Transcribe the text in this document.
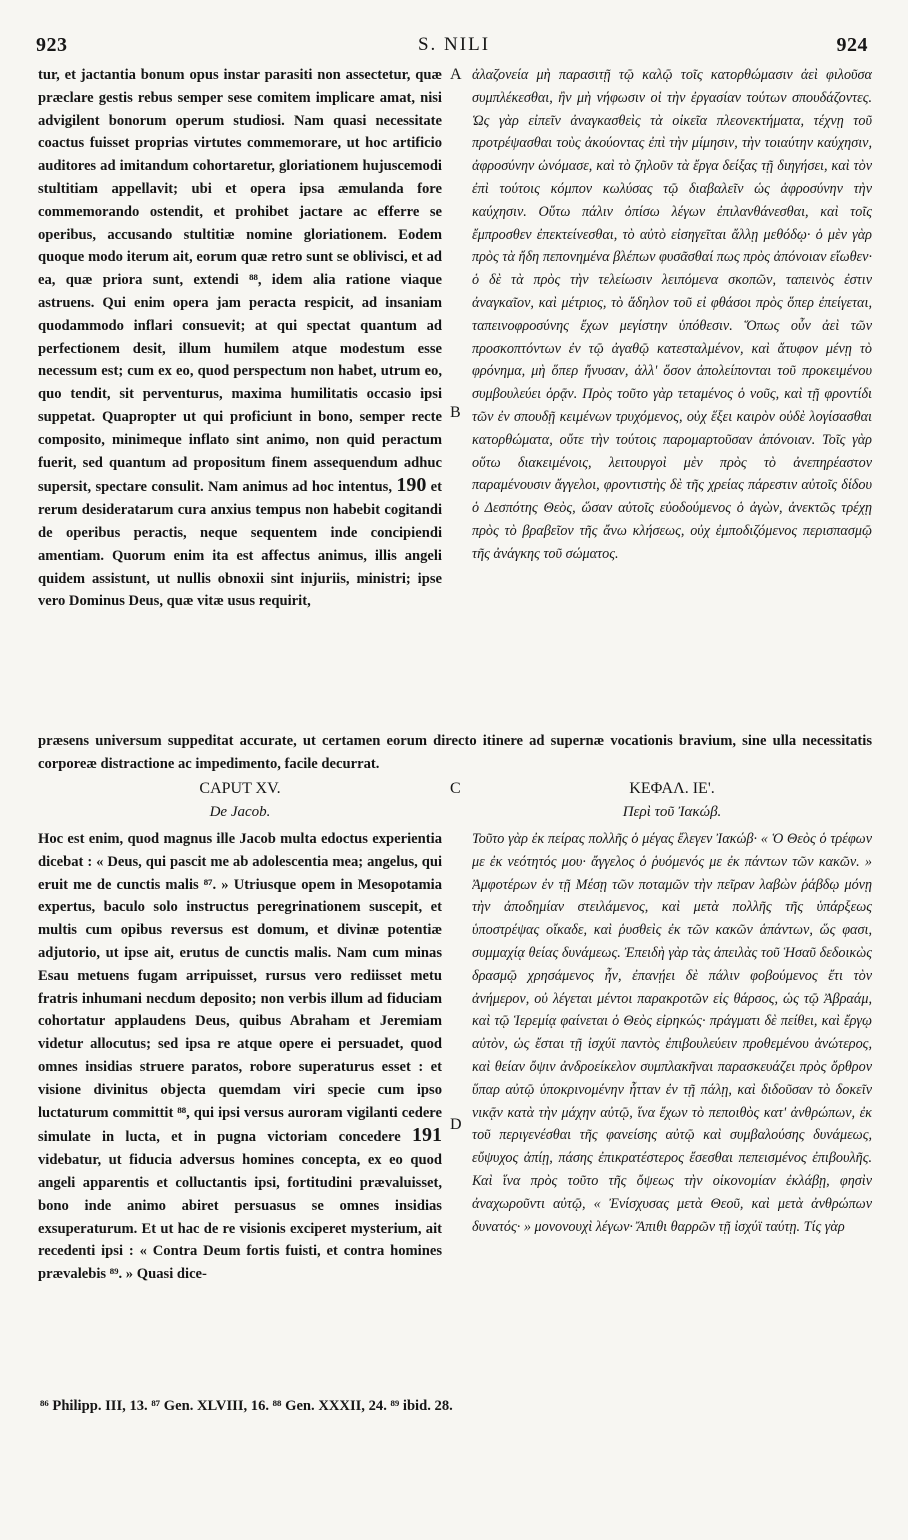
923	S. NILI	924
A
B
C
D

tur, et jactantia bonum opus instar parasiti non assectetur, quæ præclare gestis rebus semper sese comitem implicare amat, nisi advigilent bonorum operum studiosi. Nam quasi necessitate coactus fuisset proprias virtutes commemorare, ut hoc artificio auditores ad imitandum cohortaretur, gloriationem hujuscemodi stultitiam appellavit; ubi et opera ipsa æmulanda fore commemorando ostendit, et prohibet jactare ac efferre se operibus, accusando stultitiæ nomine gloriationem. Eodem quoque modo iterum ait, eorum quæ retro sunt se oblivisci, et ad ea, quæ priora sunt, extendi ⁸⁸, idem alia ratione viaque astruens. Qui enim opera jam peracta respicit, ad insaniam quodammodo inflari consuevit; at qui spectat quantum ad perfectionem desit, illum humilem atque modestum esse necessum est; cum ex eo, quod perspectum non habet, utrum eo, quo tendit, sit perventurus, maxima humilitatis occasio ipsi suppetat. Quapropter ut qui proficiunt in bono, semper recte composito, minimeque inflato sint animo, non quid peractum fuerit, sed quantum ad propositum finem assequendum adhuc supersit, spectare consulit. Nam animus ad hoc intentus, 190 et rerum desideratarum cura anxius tempus non habebit cogitandi de operibus peractis, neque sequentem inde concipiendi amentiam. Quorum enim ita est affectus animus, illis angeli quidem assistunt, ut nullis obnoxii sint injuriis, ministri; ipse vero Dominus Deus, quæ vitæ usus requirit,

ἀλαζονεία μὴ παρασιτῇ τῷ καλῷ τοῖς κατορθώμασιν ἀεὶ φιλοῦσα συμπλέκεσθαι, ἢν μὴ νήφωσιν οἱ τὴν ἐργασίαν τούτων σπουδάζοντες. Ὡς γὰρ εἰπεῖν ἀναγκασθεὶς τὰ οἰκεῖα πλεονεκτήματα, τέχνῃ τοῦ προτρέψασθαι τοὺς ἀκούοντας ἐπὶ τὴν μίμησιν, τὴν τοιαύτην καύχησιν, ἀφροσύνην ὠνόμασε, καὶ τὸ ζηλοῦν τὰ ἔργα δείξας τῇ διηγήσει, καὶ τὸν ἐπὶ τούτοις κόμπον κωλύσας τῷ διαβαλεῖν ὡς ἀφροσύνην τὴν καύχησιν. Οὕτω πάλιν ὀπίσω λέγων ἐπιλανθάνεσθαι, καὶ τοῖς ἔμπροσθεν ἐπεκτείνεσθαι, τὸ αὐτὸ εἰσηγεῖται ἄλλῃ μεθόδῳ· ὁ μὲν γὰρ πρὸς τὰ ἤδη πεπονημένα βλέπων φυσᾶσθαί πως πρὸς ἀπόνοιαν εἴωθεν· ὁ δὲ τὰ πρὸς τὴν τελείωσιν λειπόμενα σκοπῶν, ταπεινὸς ἐστιν ἀναγκαῖον, καὶ μέτριος, τὸ ἄδηλον τοῦ εἰ φθάσοι πρὸς ὅπερ ἐπείγεται, ταπεινοφροσύνης ἔχων μεγίστην ὑπόθεσιν. Ὅπως οὖν ἀεὶ τῶν προσκοπτόντων ἐν τῷ ἀγαθῷ κατεσταλμένον, καὶ ἄτυφον μένῃ τὸ φρόνημα, μὴ ὅπερ ἤνυσαν, ἀλλ' ὅσον ἀπολείπονται τοῦ προκειμένου συμβουλεύει ὁρᾷν. Πρὸς τοῦτο γὰρ τεταμένος ὁ νοῦς, καὶ τῇ φροντίδι τῶν ἐν σπουδῇ κειμένων τρυχόμενος, οὐχ ἕξει καιρὸν οὐδὲ λογίσασθαι κατορθώματα, οὔτε τὴν τούτοις παρομαρτοῦσαν ἀπόνοιαν. Τοῖς γὰρ οὕτω διακειμένοις, λειτουργοὶ μὲν πρὸς τὸ ἀνεπηρέαστον παραμένουσιν ἄγγελοι, φροντιστὴς δὲ τῆς χρείας πάρεστιν αὐτοῖς δίδου ὁ Δεσπότης Θεὸς, ὥσαν αὐτοῖς εὐοδούμενος ὁ ἀγὼν, ἀνεκτῶς τρέχῃ πρὸς τὸ βραβεῖον τῆς ἄνω κλήσεως, οὐχ ἐμποδιζόμενος περισπασμῷ τῆς ἀνάγκης τοῦ σώματος.

præsens universum suppeditat accurate, ut certamen eorum directo itinere ad supernæ vocationis bravium, sine ulla necessitatis corporeæ distractione ac impedimento, facile decurrat.
CAPUT XV.	ΚΕΦΑΛ. ΙΕ'.
De Jacob.	Περὶ τοῦ Ἰακώβ.

Hoc est enim, quod magnus ille Jacob multa edoctus experientia dicebat : « Deus, qui pascit me ab adolescentia mea; angelus, qui eruit me de cunctis malis ⁸⁷. » Utriusque opem in Mesopotamia expertus, baculo solo instructus peregrinationem suscepit, et multis cum opibus reversus est domum, et divinæ potentiæ adjutorio, ut ipse ait, erutus de cunctis malis. Nam cum minas Esau metuens fugam arripuisset, rursus vero rediisset metu fratris inhumani necdum deposito; non verbis illum ad fiduciam cohortatur applaudens Deus, quibus Abraham et Jeremiam videtur allocutus; sed ipsa re atque opere ei persuadet, quod omnes insidias struere paratos, robore superaturus esset : et visione divinitus objecta quemdam viri specie cum ipso luctaturum committit ⁸⁸, qui ipsi versus auroram vigilanti cedere simulate in lucta, et in pugna victoriam concedere 191 videbatur, ut fiducia adversus homines concepta, ex eo quod angeli apparentis et colluctantis ipsi, fortitudini prævaluisset, bono inde animo abiret persuasus se omnes insidias exsuperaturum. Et ut hac de re visionis exciperet mysterium, ait recedenti ipsi : « Contra Deum fortis fuisti, et contra homines prævalebis ⁸⁹. » Quasi dice-

Τοῦτο γὰρ ἐκ πείρας πολλῆς ὁ μέγας ἔλεγεν Ἰακώβ· « Ὁ Θεὸς ὁ τρέφων με ἐκ νεότητός μου· ἄγγελος ὁ ῥυόμενός με ἐκ πάντων τῶν κακῶν. » Ἀμφοτέρων ἐν τῇ Μέσῃ τῶν ποταμῶν τὴν πεῖραν λαβὼν ῥάβδῳ μόνῃ τὴν ἀποδημίαν στειλάμενος, καὶ μετὰ πολλῆς τῆς ὑπάρξεως ὑποστρέψας οἴκαδε, καὶ ῥυσθεὶς ἐκ τῶν κακῶν ἁπάντων, ὥς φασι, συμμαχίᾳ θείας δυνάμεως. Ἐπειδὴ γὰρ τὰς ἀπειλὰς τοῦ Ἡσαῦ δεδοικὼς δρασμῷ χρησάμενος ἦν, ἐπανῄει δὲ πάλιν φοβούμενος ἔτι τὸν ἀνήμερον, οὐ λέγεται μέντοι παρακροτῶν εἰς θάρσος, ὡς τῷ Ἀβραάμ, καὶ τῷ Ἱερεμίᾳ φαίνεται ὁ Θεὸς εἰρηκώς· πράγματι δὲ πείθει, καὶ ἔργῳ αὐτὸν, ὡς ἔσται τῇ ἰσχύϊ παντὸς ἐπιβουλεύειν προθεμένου ἀνώτερος, καὶ θείαν ὄψιν ἀνδροείκελον συμπλακῆναι παρασκευάζει πρὸς ὄρθρον ὕπαρ αὐτῷ ὑποκρινομένην ἧτταν ἐν τῇ πάλῃ, καὶ διδοῦσαν τὸ δοκεῖν νικᾷν κατὰ τὴν μάχην αὐτῷ, ἵνα ἔχων τὸ πεποιθὸς κατ' ἀνθρώπων, ἐκ τοῦ περιγενέσθαι τῆς φανείσης αὐτῷ καὶ συμβαλούσης δυνάμεως, εὔψυχος ἀπίῃ, πάσης ἐπικρατέστερος ἔσεσθαι πεπεισμένος ἐπιβουλῆς. Καὶ ἵνα πρὸς τοῦτο τῆς ὄψεως τὴν οἰκονομίαν ἐκλάβῃ, φησὶν ἀναχωροῦντι αὐτῷ, « Ἐνίσχυσας μετὰ Θεοῦ, καὶ μετὰ ἀνθρώπων δυνατός· » μονονουχὶ λέγων· Ἄπιθι θαρρῶν τῇ ἰσχύϊ ταύτῃ. Τίς γὰρ

⁸⁶ Philipp. III, 13. ⁸⁷ Gen. XLVIII, 16. ⁸⁸ Gen. XXXII, 24. ⁸⁹ ibid. 28.
